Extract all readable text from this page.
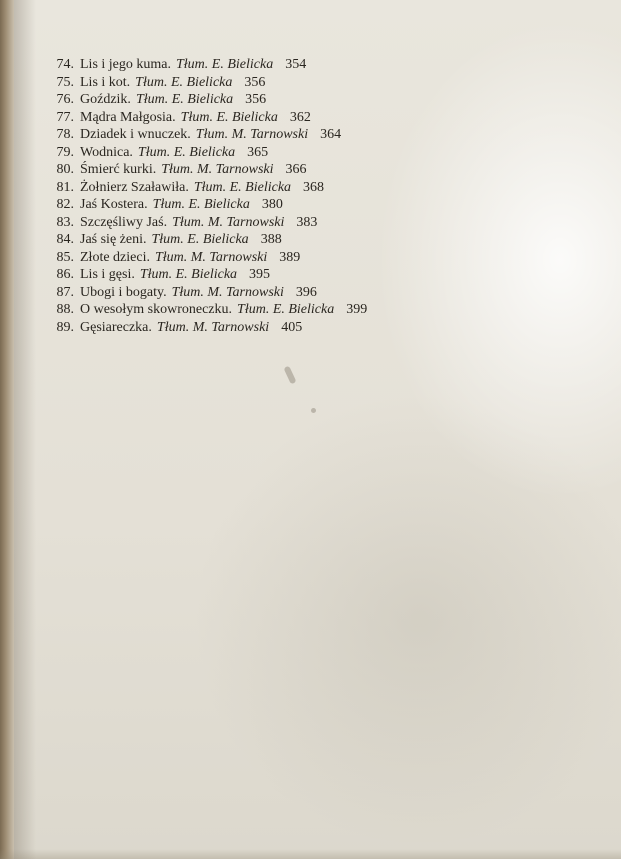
74. Lis i jego kuma. Tłum. E. Bielicka 354
75. Lis i kot. Tłum. E. Bielicka 356
76. Goździk. Tłum. E. Bielicka 356
77. Mądra Małgosia. Tłum. E. Bielicka 362
78. Dziadek i wnuczek. Tłum. M. Tarnowski 364
79. Wodnica. Tłum. E. Bielicka 365
80. Śmierć kurki. Tłum. M. Tarnowski 366
81. Żołnierz Szaławiła. Tłum. E. Bielicka 368
82. Jaś Kostera. Tłum. E. Bielicka 380
83. Szczęśliwy Jaś. Tłum. M. Tarnowski 383
84. Jaś się żeni. Tłum. E. Bielicka 388
85. Złote dzieci. Tłum. M. Tarnowski 389
86. Lis i gęsi. Tłum. E. Bielicka 395
87. Ubogi i bogaty. Tłum. M. Tarnowski 396
88. O wesołym skowroneczku. Tłum. E. Bielicka 399
89. Gęsiareczka. Tłum. M. Tarnowski 405
